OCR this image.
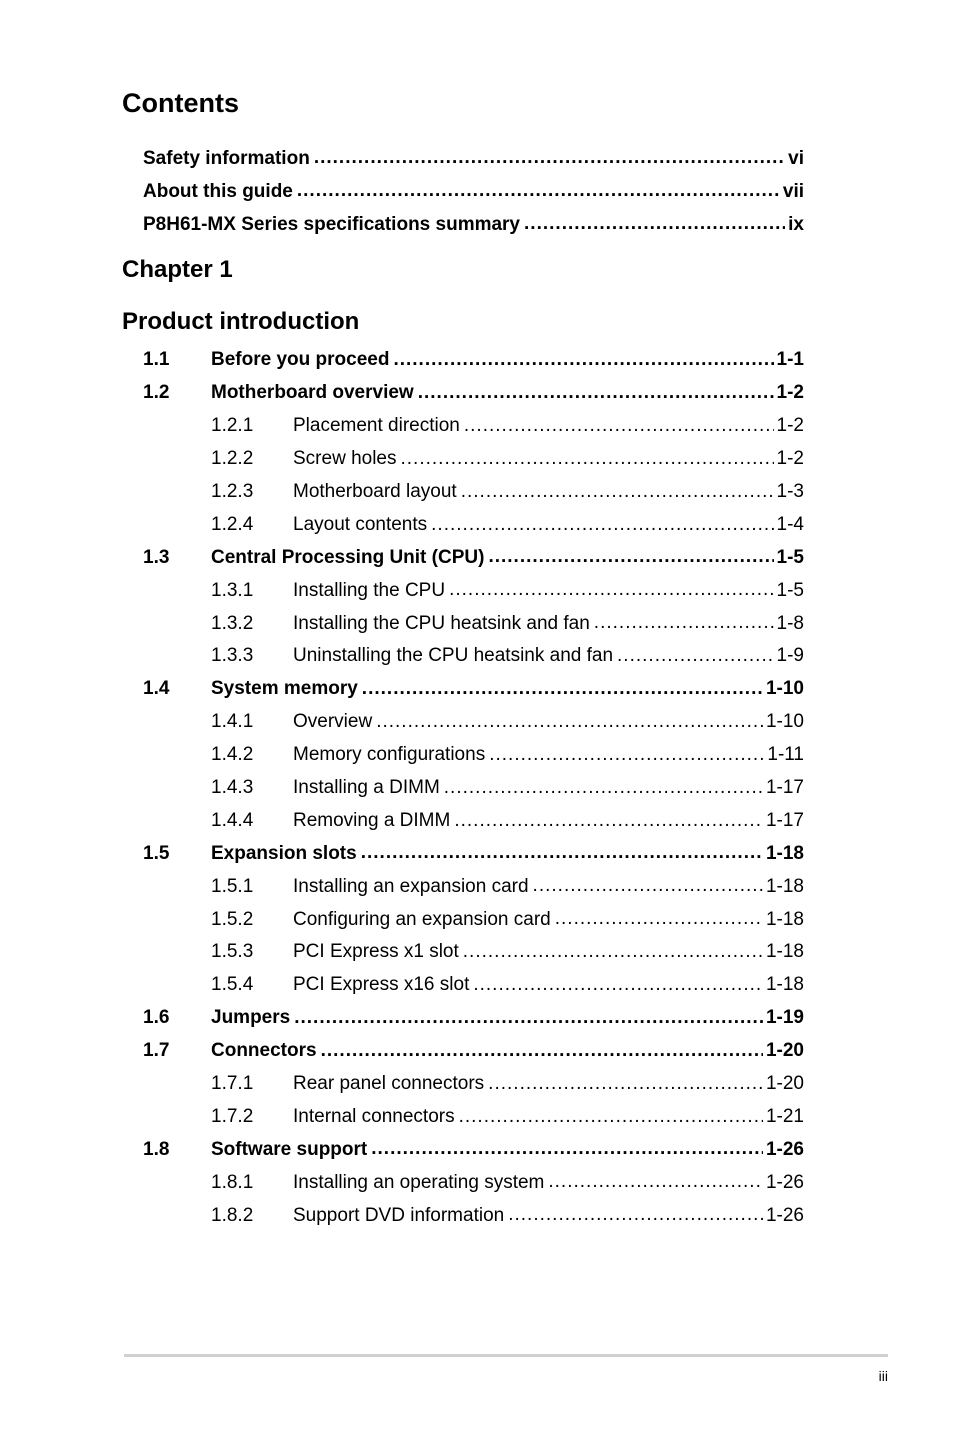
Contents
Safety information .....	vi
About this guide .....	vii
P8H61-MX Series specifications summary .....	ix
Chapter 1
Product introduction
1.1	Before you proceed .....	1-1
1.2	Motherboard overview .....	1-2
1.2.1	Placement direction .....	1-2
1.2.2	Screw holes .....	1-2
1.2.3	Motherboard layout .....	1-3
1.2.4	Layout contents .....	1-4
1.3	Central Processing Unit (CPU) .....	1-5
1.3.1	Installing the CPU .....	1-5
1.3.2	Installing the CPU heatsink and fan .....	1-8
1.3.3	Uninstalling the CPU heatsink and fan .....	1-9
1.4	System memory .....	1-10
1.4.1	Overview .....	1-10
1.4.2	Memory configurations .....	1-11
1.4.3	Installing a DIMM .....	1-17
1.4.4	Removing a DIMM .....	1-17
1.5	Expansion slots .....	1-18
1.5.1	Installing an expansion card .....	1-18
1.5.2	Configuring an expansion card .....	1-18
1.5.3	PCI Express x1 slot .....	1-18
1.5.4	PCI Express x16 slot .....	1-18
1.6	Jumpers .....	1-19
1.7	Connectors .....	1-20
1.7.1	Rear panel connectors .....	1-20
1.7.2	Internal connectors .....	1-21
1.8	Software support .....	1-26
1.8.1	Installing an operating system .....	1-26
1.8.2	Support DVD information .....	1-26
iii
